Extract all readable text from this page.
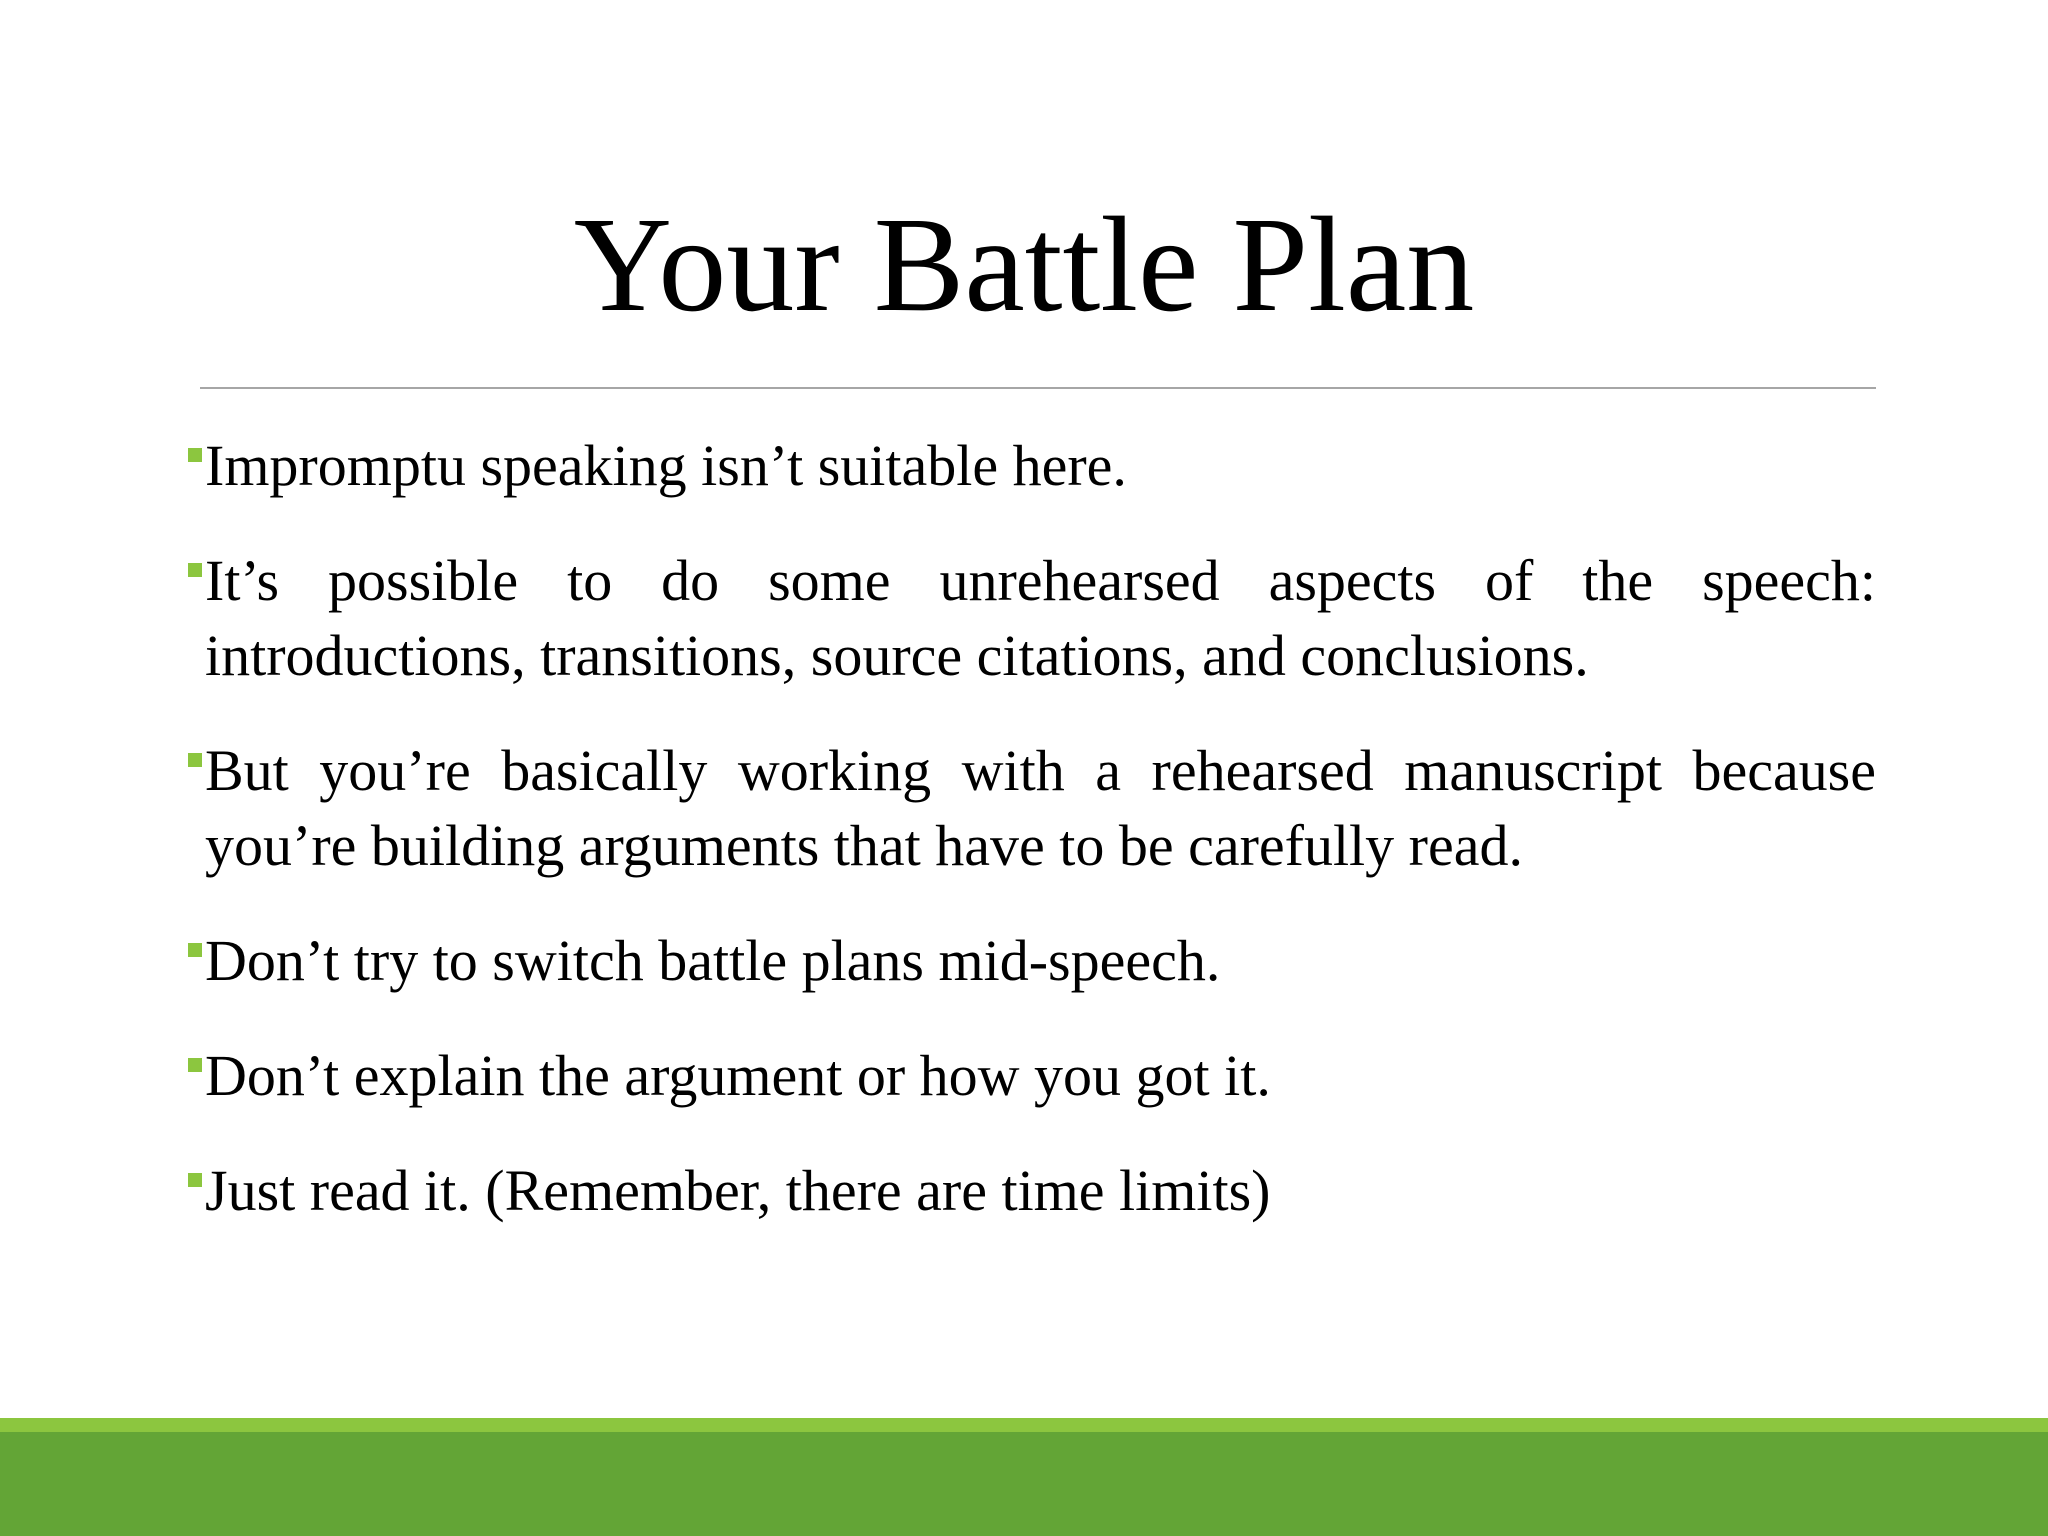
Your Battle Plan
Impromptu speaking isn’t suitable here.
It’s possible to do some unrehearsed aspects of the speech: introductions, transitions, source citations, and conclusions.
But you’re basically working with a rehearsed manuscript because you’re building arguments that have to be carefully read.
Don’t try to switch battle plans mid-speech.
Don’t explain the argument or how you got it.
Just read it. (Remember, there are time limits)
